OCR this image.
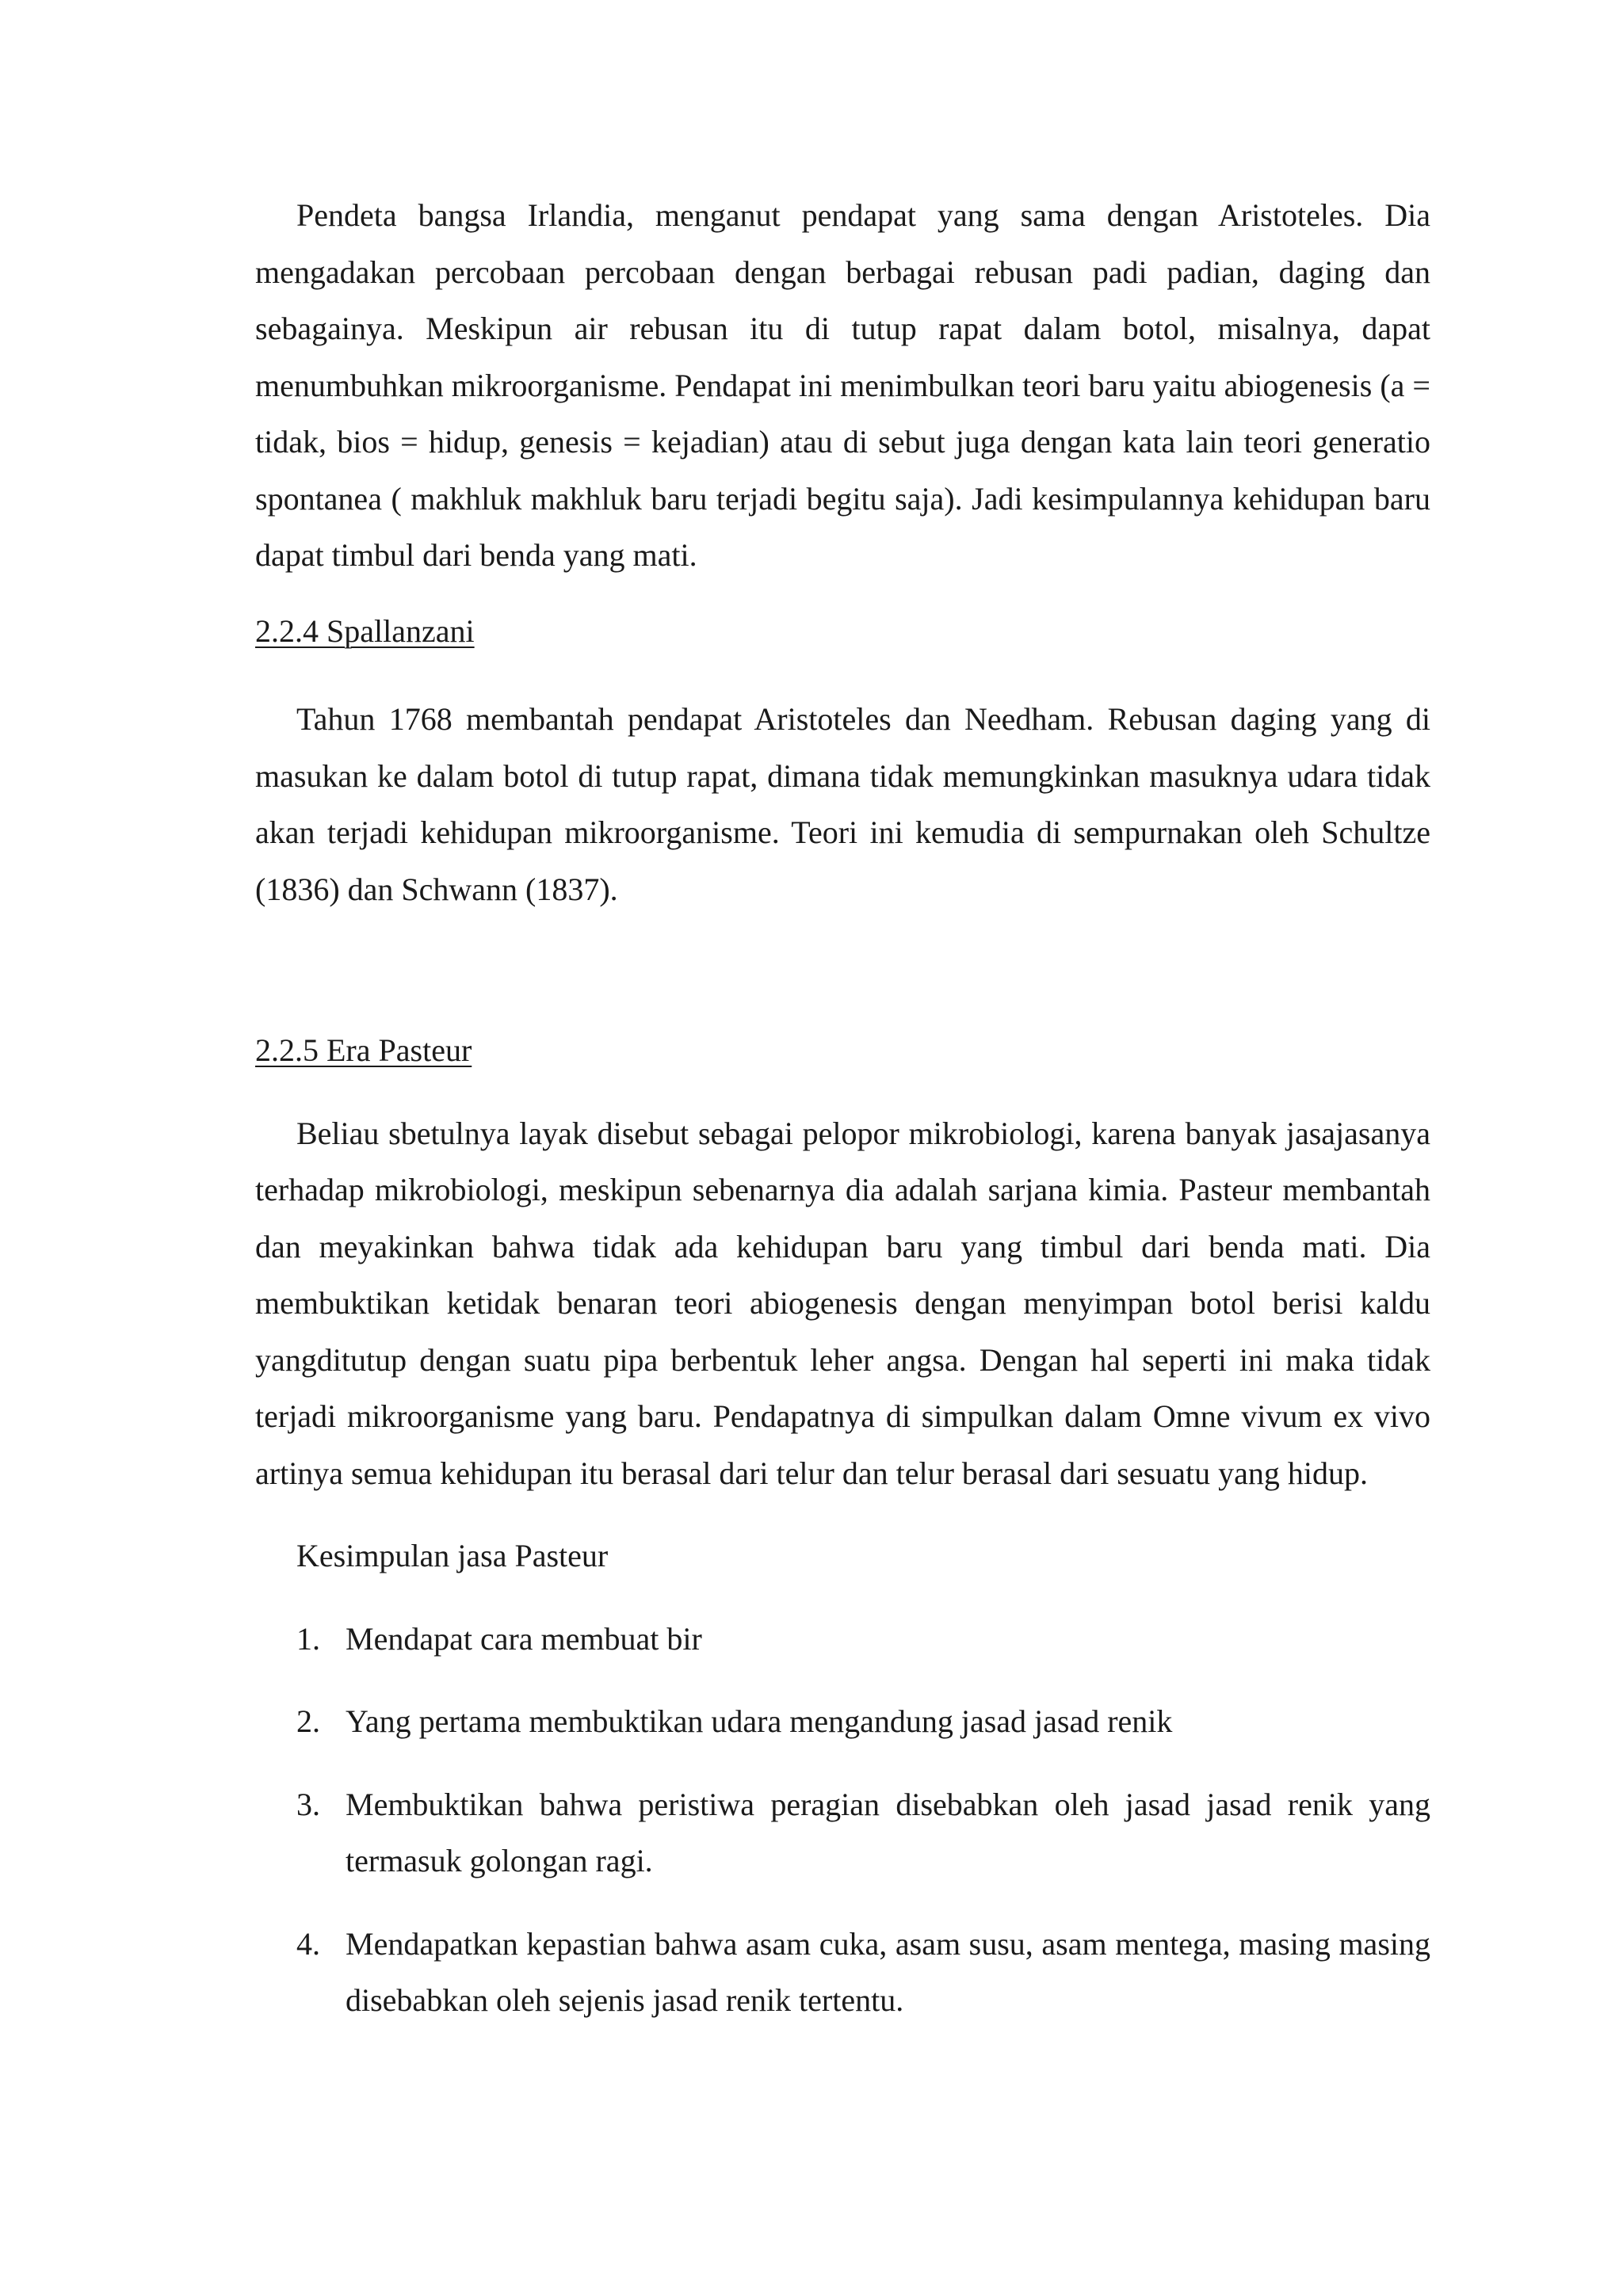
Pendeta bangsa Irlandia, menganut pendapat yang sama dengan Aristoteles. Dia mengadakan percobaan percobaan dengan berbagai rebusan padi padian, daging dan sebagainya. Meskipun air rebusan itu di tutup rapat dalam botol, misalnya, dapat menumbuhkan mikroorganisme. Pendapat ini menimbulkan teori baru yaitu abiogenesis (a = tidak, bios = hidup, genesis = kejadian) atau di sebut juga dengan kata lain teori generatio spontanea ( makhluk makhluk baru terjadi begitu saja). Jadi kesimpulannya kehidupan baru dapat timbul dari benda yang mati.

2.2.4 Spallanzani

Tahun 1768 membantah pendapat Aristoteles dan Needham. Rebusan daging yang di masukan ke dalam botol di tutup rapat, dimana tidak memungkinkan masuknya udara tidak akan terjadi kehidupan mikroorganisme. Teori ini kemudia di sempurnakan oleh Schultze (1836) dan Schwann (1837).

2.2.5 Era Pasteur

Beliau sbetulnya layak disebut sebagai pelopor mikrobiologi, karena banyak jasajasanya terhadap mikrobiologi, meskipun sebenarnya dia adalah sarjana kimia. Pasteur membantah dan meyakinkan bahwa tidak ada kehidupan baru yang timbul dari benda mati. Dia membuktikan ketidak benaran teori abiogenesis dengan menyimpan botol berisi kaldu yangditutup dengan suatu pipa berbentuk leher angsa. Dengan hal seperti ini maka tidak terjadi mikroorganisme yang baru. Pendapatnya di simpulkan dalam Omne vivum ex vivo artinya semua kehidupan itu berasal dari telur dan telur berasal dari sesuatu yang hidup.

Kesimpulan jasa Pasteur

1. Mendapat cara membuat bir
2. Yang pertama membuktikan udara mengandung jasad jasad renik
3. Membuktikan bahwa peristiwa peragian disebabkan oleh jasad jasad renik yang termasuk golongan ragi.
4. Mendapatkan kepastian bahwa asam cuka, asam susu, asam mentega, masing masing disebabkan oleh sejenis jasad renik tertentu.
